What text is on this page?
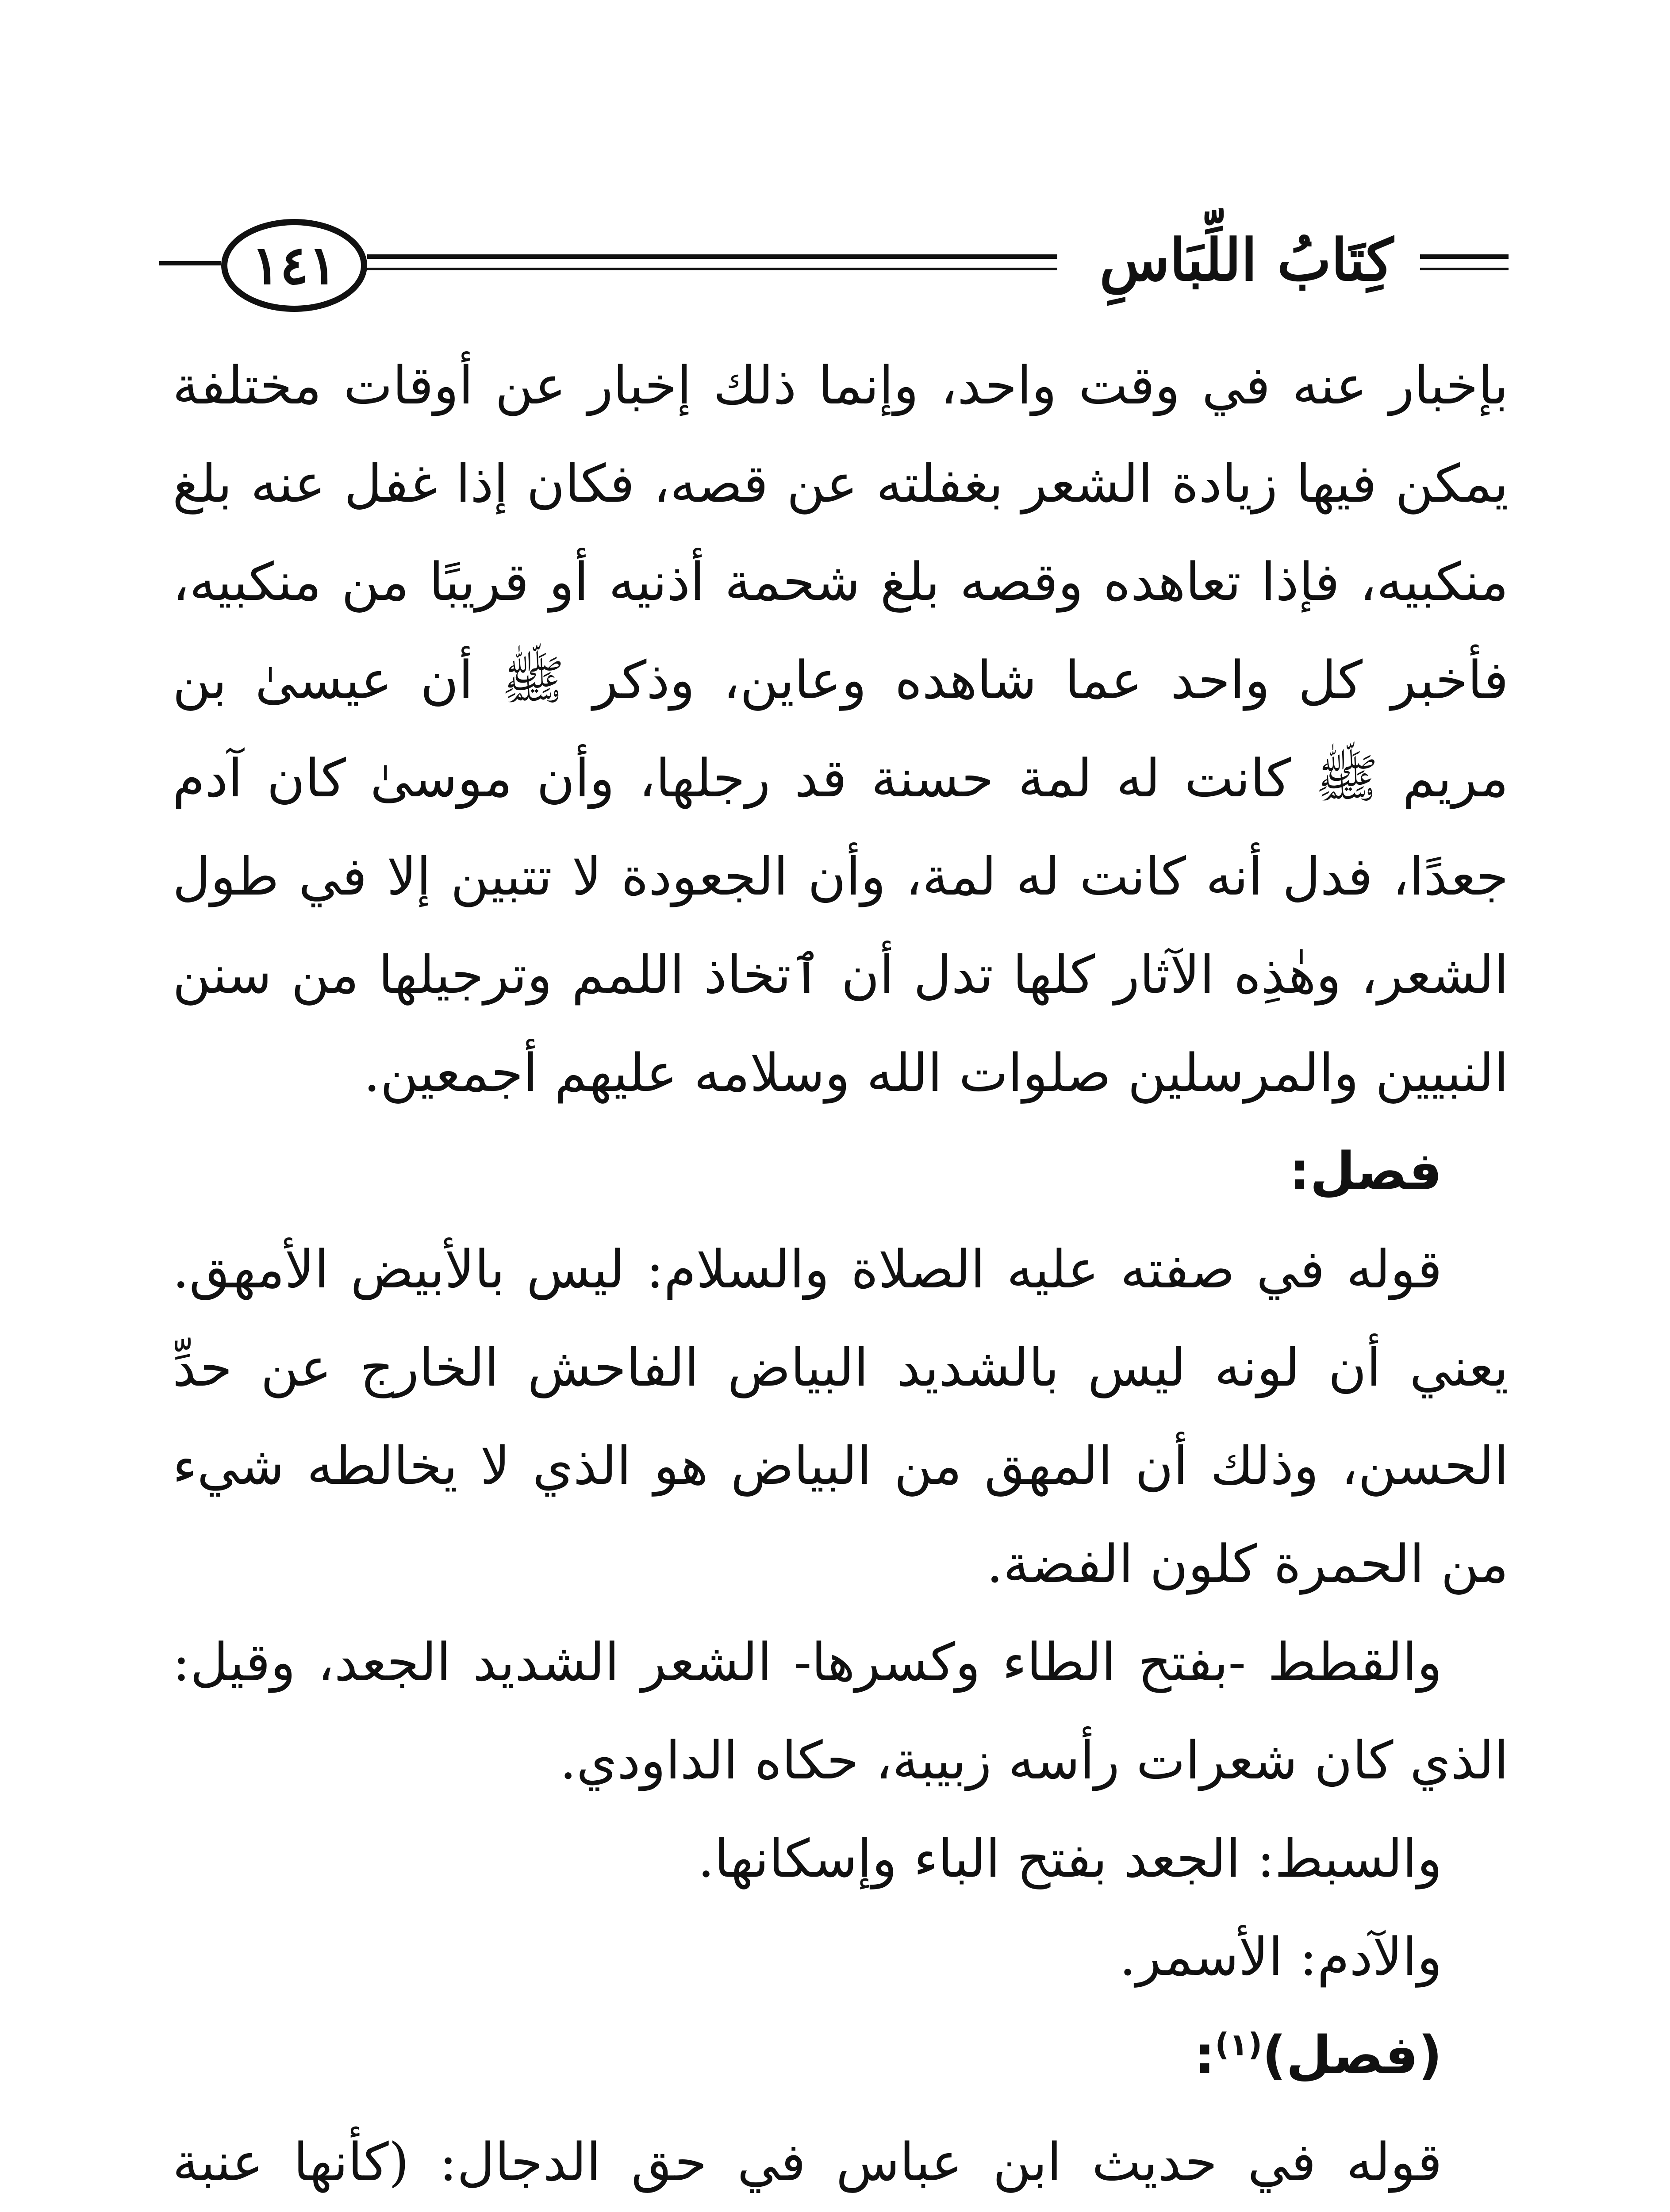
١٤١	كِتَابُ اللِّبَاسِ

بإخبار عنه في وقت واحد، وإنما ذلك إخبار عن أوقات مختلفة يمكن فيها زيادة الشعر بغفلته عن قصه، فكان إذا غفل عنه بلغ منكبيه، فإذا تعاهده وقصه بلغ شحمة أذنيه أو قريبًا من منكبيه، فأخبر كل واحد عما شاهده وعاين، وذكر ﷺ أن عيسىٰ بن مريم ﷺ كانت له لمة حسنة قد رجلها، وأن موسىٰ كان آدم جعدًا، فدل أنه كانت له لمة، وأن الجعودة لا تتبين إلا في طول الشعر، وهٰذِه الآثار كلها تدل أن ٱتخاذ اللمم وترجيلها من سنن النبيين والمرسلين صلوات الله وسلامه عليهم أجمعين.

فصل:

قوله في صفته عليه الصلاة والسلام: ليس بالأبيض الأمهق. يعني أن لونه ليس بالشديد البياض الفاحش الخارج عن حدِّ الحسن، وذلك أن المهق من البياض هو الذي لا يخالطه شيء من الحمرة كلون الفضة.

والقطط -بفتح الطاء وكسرها- الشعر الشديد الجعد، وقيل: الذي كان شعرات رأسه زبيبة، حكاه الداودي.

والسبط: الجعد بفتح الباء وإسكانها.

والآدم: الأسمر.

(فصل)$^{(١)}$:

قوله في حديث ابن عباس في حق الدجال: (كأنها عنبة
